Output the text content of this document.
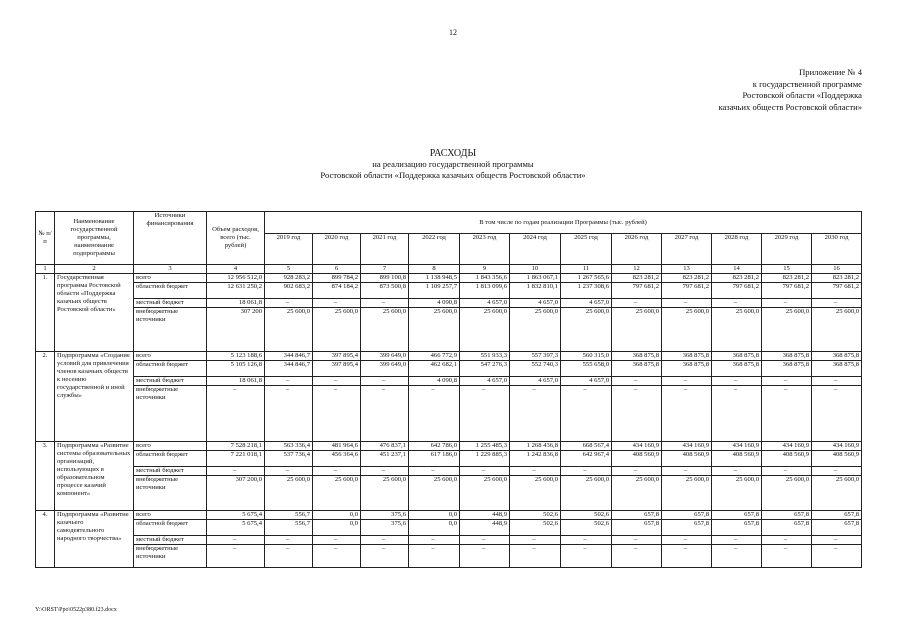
12
Приложение № 4
к государственной программе
Ростовской области «Поддержка
казачьих обществ Ростовской области»
РАСХОДЫ
на реализацию государственной программы
Ростовской области «Поддержка казачьих обществ Ростовской области»
№ п/п	Наименование государственной программы, наименование подпрограммы	Источники финансирования	Объем расходов, всего (тыс. рублей)	В том числе по годам реализации Программы (тыс. рублей)											
				2019 год	2020 год	2021 год	2022 год	2023 год	2024 год	2025 год	2026 год	2027 год	2028 год	2029 год	2030 год
1	2	3	4	5	6	7	8	9	10	11	12	13	14	15	16
1.	Государственная программа Ростовской области «Поддержка казачьих обществ Ростовской области»	всего	12 956 512,0	928 283,2	899 784,2	899 100,8	1 138 948,5	1 843 356,6	1 863 067,1	1 267 565,6	823 281,2	823 281,2	823 281,2	823 281,2	823 281,2
		областной бюджет	12 631 250,2	902 683,2	874 184,2	873 500,8	1 109 257,7	1 813 099,6	1 832 810,1	1 237 308,6	797 681,2	797 681,2	797 681,2	797 681,2	797 681,2
		местный бюджет	18 061,8	–	–	–	4 090,8	4 657,0	4 657,0	4 657,0	–	–	–	–	–
		внебюджетные источники	307 200	25 600,0	25 600,0	25 600,0	25 600,0	25 600,0	25 600,0	25 600,0	25 600,0	25 600,0	25 600,0	25 600,0	25 600,0
2.	Подпрограмма «Создание условий для привлечения членов казачьих обществ к несению государственной и иной службы»	всего	5 123 188,6	344 846,7	397 895,4	399 649,0	466 772,9	551 933,3	557 397,3	560 315,0	368 875,8	368 875,8	368 875,8	368 875,8	368 875,8
		областной бюджет	5 105 126,8	344 846,7	397 895,4	399 649,0	462 682,1	547 276,3	552 740,3	555 658,0	368 875,8	368 875,8	368 875,8	368 875,8	368 875,8
		местный бюджет	18 061,8	–	–	–	4 090,8	4 657,0	4 657,0	4 657,0	–	–	–	–	–
		внебюджетные источники	–	–	–	–	–	–	–	–	–	–	–	–	–
3.	Подпрограмма «Развитие системы образовательных организаций, использующих в образовательном процессе казачий компонент»	всего	7 528 218,1	563 336,4	481 964,6	476 837,1	642 786,0	1 255 485,3	1 268 436,8	668 567,4	434 160,9	434 160,9	434 160,9	434 160,9	434 160,9
		областной бюджет	7 221 018,1	537 736,4	456 364,6	451 237,1	617 186,0	1 229 885,3	1 242 836,8	642 967,4	408 560,9	408 560,9	408 560,9	408 560,9	408 560,9
		местный бюджет	–	–	–	–	–	–	–	–	–	–	–	–	–
		внебюджетные источники	307 200,0	25 600,0	25 600,0	25 600,0	25 600,0	25 600,0	25 600,0	25 600,0	25 600,0	25 600,0	25 600,0	25 600,0	25 600,0
4.	Подпрограмма «Развитие казачьего самодеятельного народного творчества»	всего	5 675,4	556,7	0,0	375,6	0,0	448,9	502,6	502,6	657,8	657,8	657,8	657,8	657,8
		областной бюджет	5 675,4	556,7	0,0	375,6	0,0	448,9	502,6	502,6	657,8	657,8	657,8	657,8	657,8
		местный бюджет	–	–	–	–	–	–	–	–	–	–	–	–	–
		внебюджетные источники	–	–	–	–	–	–	–	–	–	–	–	–	–
Y:\ORST\Ppo\0522p380.f23.docx
